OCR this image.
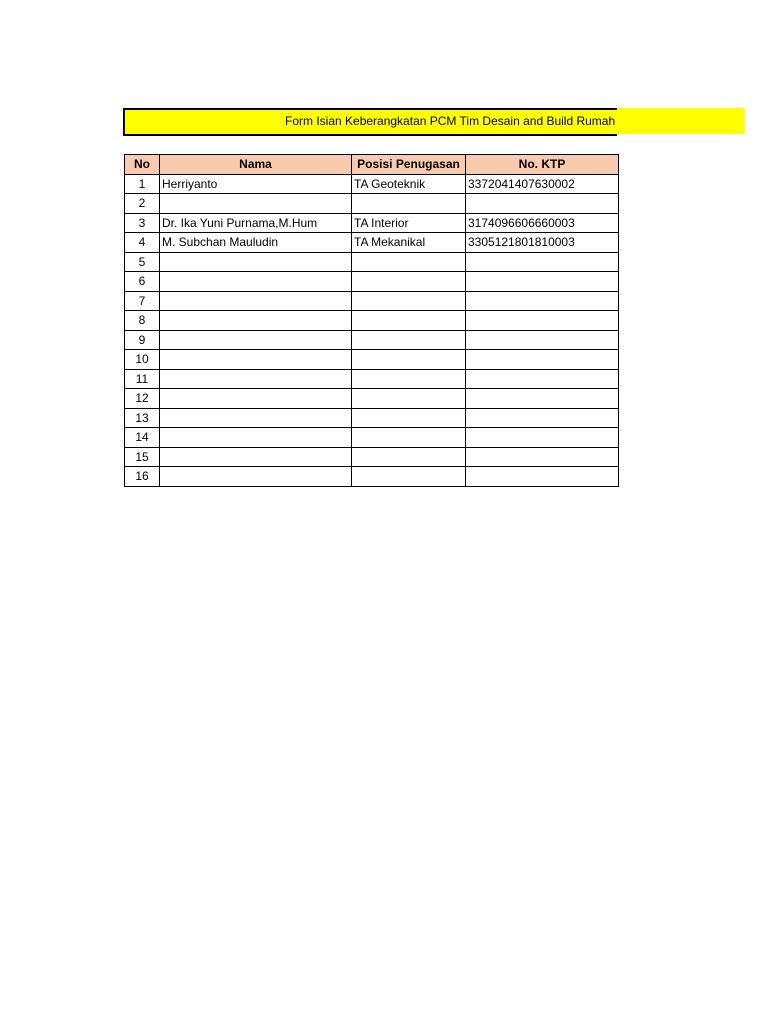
Form Isian Keberangkatan PCM Tim Desain and Build Rumah
No	Nama	Posisi Penugasan	No. KTP
1	Herriyanto	TA Geoteknik	3372041407630002
2			
3	Dr. Ika Yuni Purnama,M.Hum	TA Interior	3174096606660003
4	M. Subchan Mauludin	TA Mekanikal	3305121801810003
5			
6			
7			
8			
9			
10			
11			
12			
13			
14			
15			
16			
